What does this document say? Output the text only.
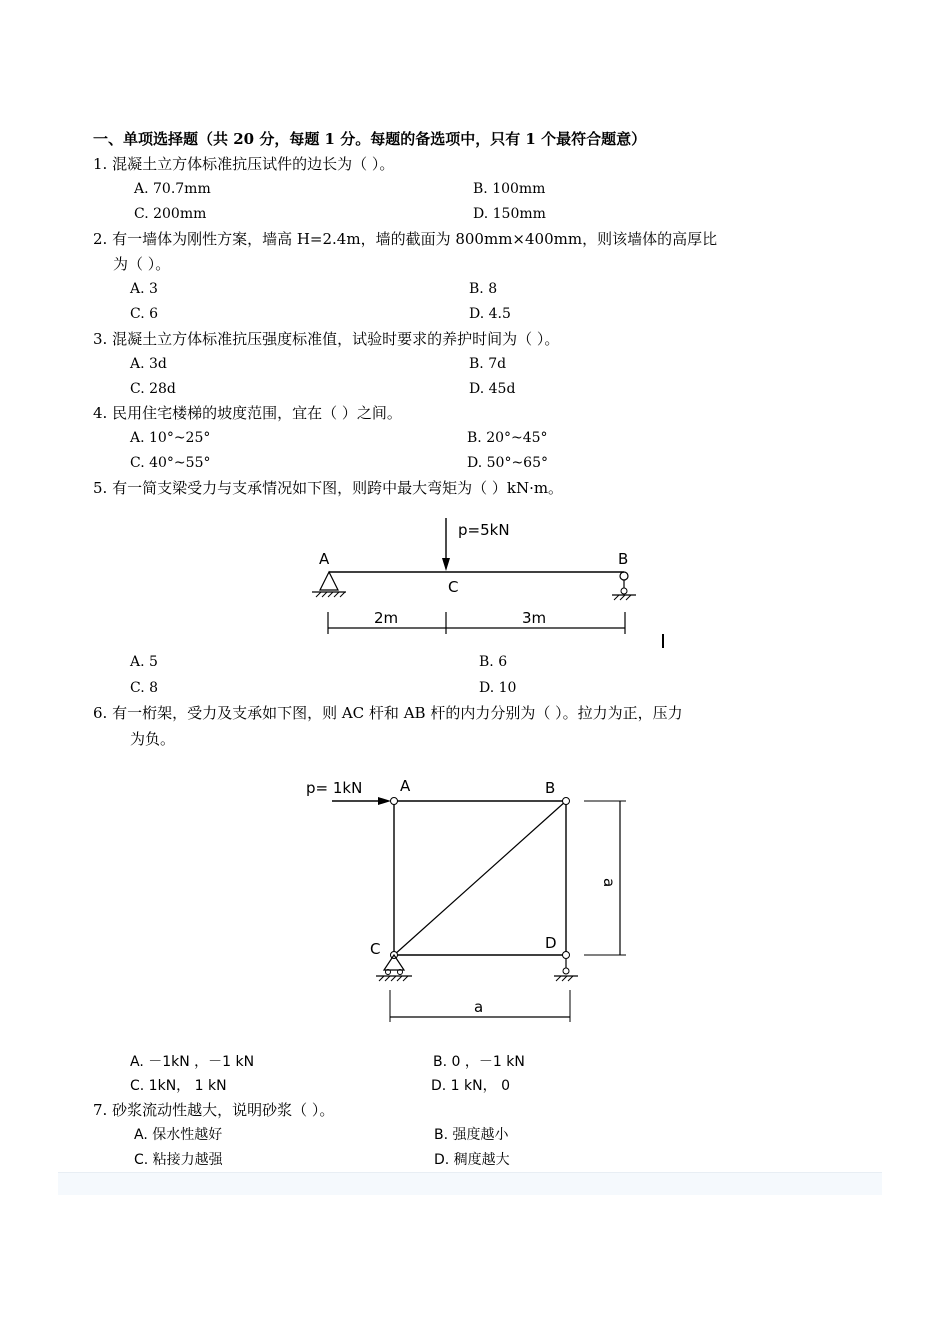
一、单项选择题（共 20 分，每题 1 分。每题的备选项中，只有 1 个最符合题意）
1. 混凝土立方体标准抗压试件的边长为（ ）。
A. 70.7mm	B. 100mm
C. 200mm	D. 150mm
2. 有一墙体为刚性方案，墙高 H=2.4m，墙的截面为 800mm×400mm，则该墙体的高厚比
为（ ）。
A. 3	B. 8
C. 6	D. 4.5
3. 混凝土立方体标准抗压强度标准值，试验时要求的养护时间为（ ）。
A. 3d	B. 7d
C. 28d	D. 45d
4. 民用住宅楼梯的坡度范围，宜在（ ）之间。
A. 10°~25°	B. 20°~45°
C. 40°~55°	D. 50°~65°
5. 有一简支梁受力与支承情况如下图，则跨中最大弯矩为（ ）kN·m。
p=5kN
A	B
C
2m	3m
p= 1kN	A	B
C	D
a
a
A. 5	B. 6
C. 8	D. 10
6. 有一桁架，受力及支承如下图，则 AC 杆和 AB 杆的内力分别为（ ）。拉力为正，压力
为负。
A. －1kN ，－1 kN	B. 0 ，－1 kN
C. 1kN， 1 kN	D. 1 kN， 0
7. 砂浆流动性越大，说明砂浆（ ）。
A. 保水性越好	B. 强度越小
C. 粘接力越强	D. 稠度越大
